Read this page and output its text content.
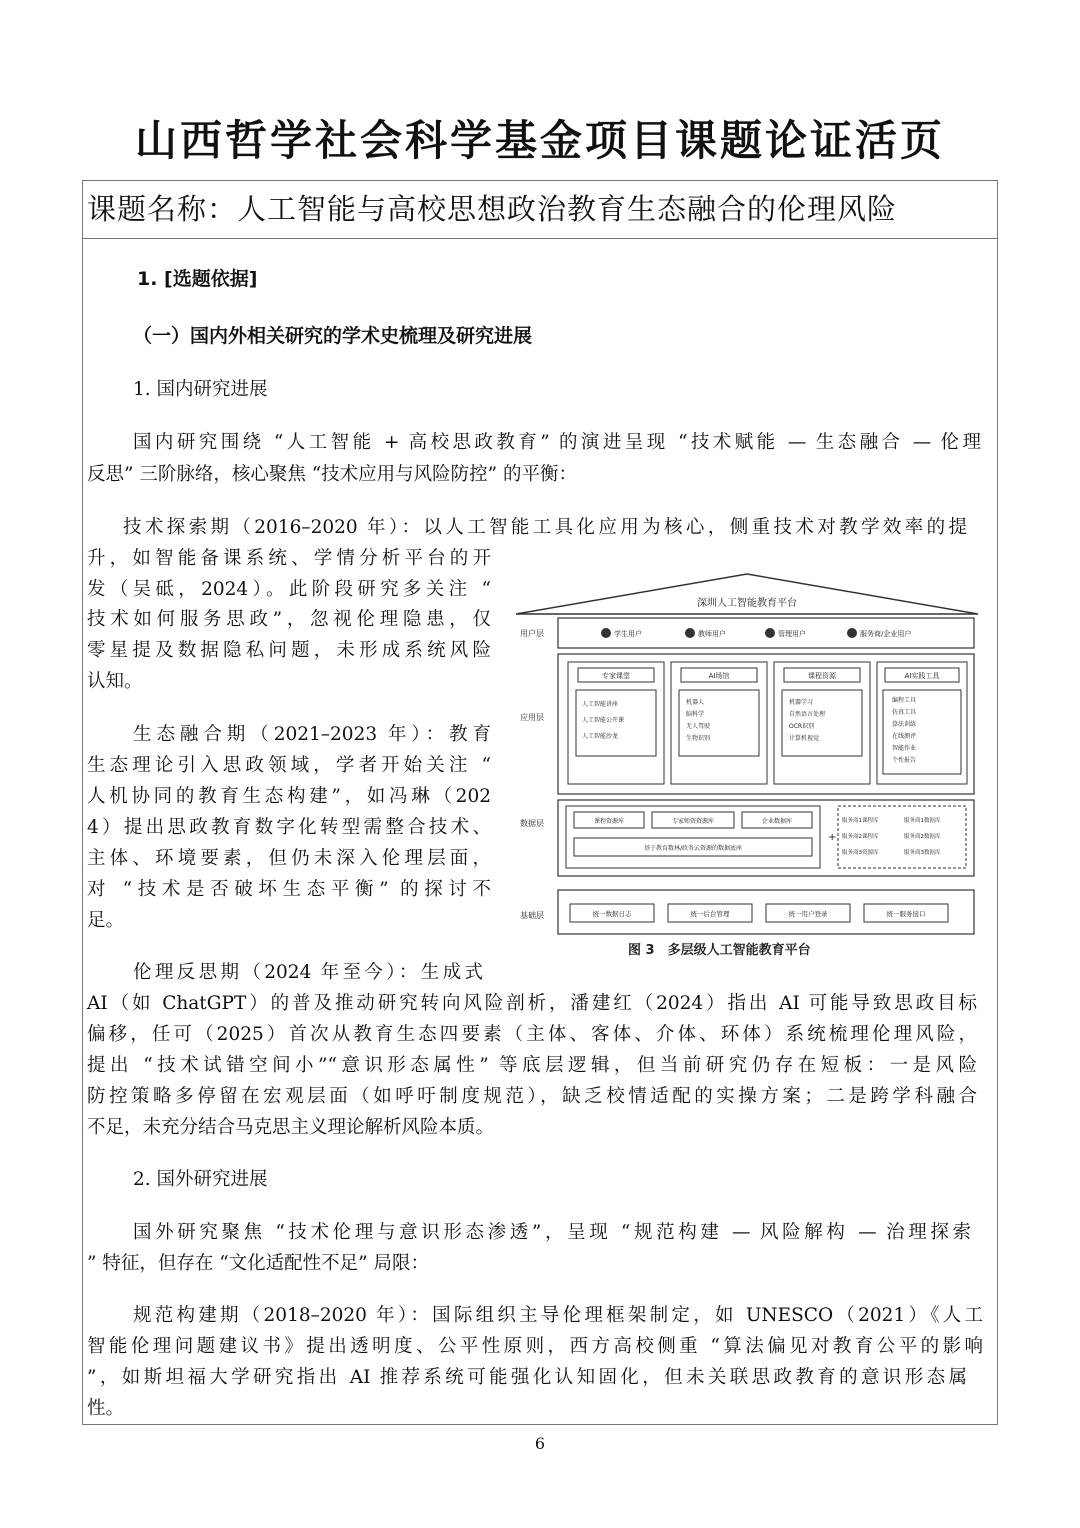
山西哲学社会科学基金项目课题论证活页
课题名称：人工智能与高校思想政治教育生态融合的伦理风险
1. [选题依据]
（一）国内外相关研究的学术史梳理及研究进展
1. 国内研究进展
国内研究围绕 “人工智能 + 高校思政教育” 的演进呈现 “技术赋能 — 生态融合 — 伦理
反思” 三阶脉络，核心聚焦 “技术应用与风险防控” 的平衡：
技术探索期（2016–2020 年）：以人工智能工具化应用为核心，侧重技术对教学效率的提
升，如智能备课系统、学情分析平台的开
发（吴砥，2024）。此阶段研究多关注 “
技术如何服务思政”，忽视伦理隐患，仅
零星提及数据隐私问题，未形成系统风险
认知。
生态融合期（2021–2023 年）：教育
生态理论引入思政领域，学者开始关注 “
人机协同的教育生态构建”，如冯琳（202
4）提出思政教育数字化转型需整合技术、
主体、环境要素，但仍未深入伦理层面，
对 “技术是否破坏生态平衡” 的探讨不
足。
伦理反思期（2024 年至今）：生成式
AI（如 ChatGPT）的普及推动研究转向风险剖析，潘建红（2024）指出 AI 可能导致思政目标
偏移，任可（2025）首次从教育生态四要素（主体、客体、介体、环体）系统梳理伦理风险，
提出 “技术试错空间小”“意识形态属性” 等底层逻辑，但当前研究仍存在短板：一是风险
防控策略多停留在宏观层面（如呼吁制度规范），缺乏校情适配的实操方案；二是跨学科融合
不足，未充分结合马克思主义理论解析风险本质。
2. 国外研究进展
国外研究聚焦 “技术伦理与意识形态渗透”，呈现 “规范构建 — 风险解构 — 治理探索
” 特征，但存在 “文化适配性不足” 局限：
规范构建期（2018–2020 年）：国际组织主导伦理框架制定，如 UNESCO（2021）《人工
智能伦理问题建议书》提出透明度、公平性原则，西方高校侧重 “算法偏见对教育公平的影响
”，如斯坦福大学研究指出 AI 推荐系统可能强化认知固化，但未关联思政教育的意识形态属
性。
深圳人工智能教育平台
用户层
应用层
数据层
基础层
学生用户	教师用户	管理用户	服务商/企业用户
专家课堂
人工智能讲座
人工智能公开课
人工智能沙龙
AI场馆
机器人
脑科学
无人驾驶
生物识别
课程资源
机器学习
自然语言处理
OCR识别
计算机视觉
AI实践工具
编程工具
仿真工具
算法训练
在线测评
智能作业
个性报告
课程资源库	专家师资资源库	企业数据库
基于教育数林/政务云资源的数据底座
+
服务商1课程库
服务商2课程库
服务商3资源库
服务商1数据库
服务商2数据库
服务商3数据库
统一数据日志	统一后台管理	统一用户登录	统一服务接口
图 3　多层级人工智能教育平台
6
